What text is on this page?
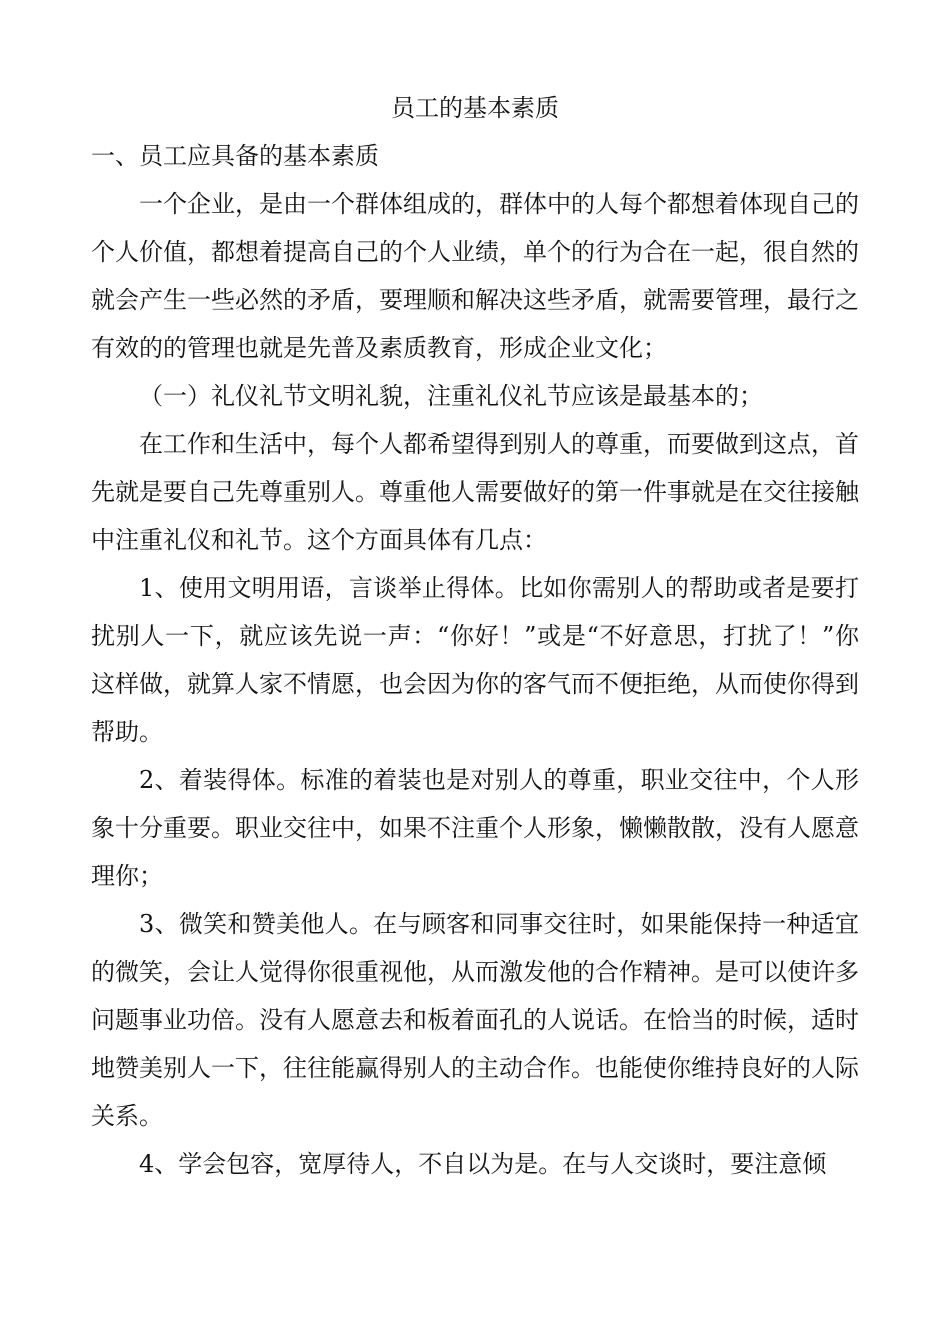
员工的基本素质
一、员工应具备的基本素质

一个企业，是由一个群体组成的，群体中的人每个都想着体现自己的个人价值，都想着提高自己的个人业绩，单个的行为合在一起，很自然的就会产生一些必然的矛盾，要理顺和解决这些矛盾，就需要管理，最行之有效的的管理也就是先普及素质教育，形成企业文化；

（一）礼仪礼节文明礼貌，注重礼仪礼节应该是最基本的；

在工作和生活中，每个人都希望得到别人的尊重，而要做到这点，首先就是要自己先尊重别人。尊重他人需要做好的第一件事就是在交往接触中注重礼仪和礼节。这个方面具体有几点：

1、使用文明用语，言谈举止得体。比如你需别人的帮助或者是要打扰别人一下，就应该先说一声：“你好！”或是“不好意思，打扰了！”你这样做，就算人家不情愿，也会因为你的客气而不便拒绝，从而使你得到帮助。

2、着装得体。标准的着装也是对别人的尊重，职业交往中，个人形象十分重要。职业交往中，如果不注重个人形象，懒懒散散，没有人愿意理你；

3、微笑和赞美他人。在与顾客和同事交往时，如果能保持一种适宜的微笑，会让人觉得你很重视他，从而激发他的合作精神。是可以使许多问题事业功倍。没有人愿意去和板着面孔的人说话。在恰当的时候，适时地赞美别人一下，往往能赢得别人的主动合作。也能使你维持良好的人际关系。

4、学会包容，宽厚待人，不自以为是。在与人交谈时，要注意倾
